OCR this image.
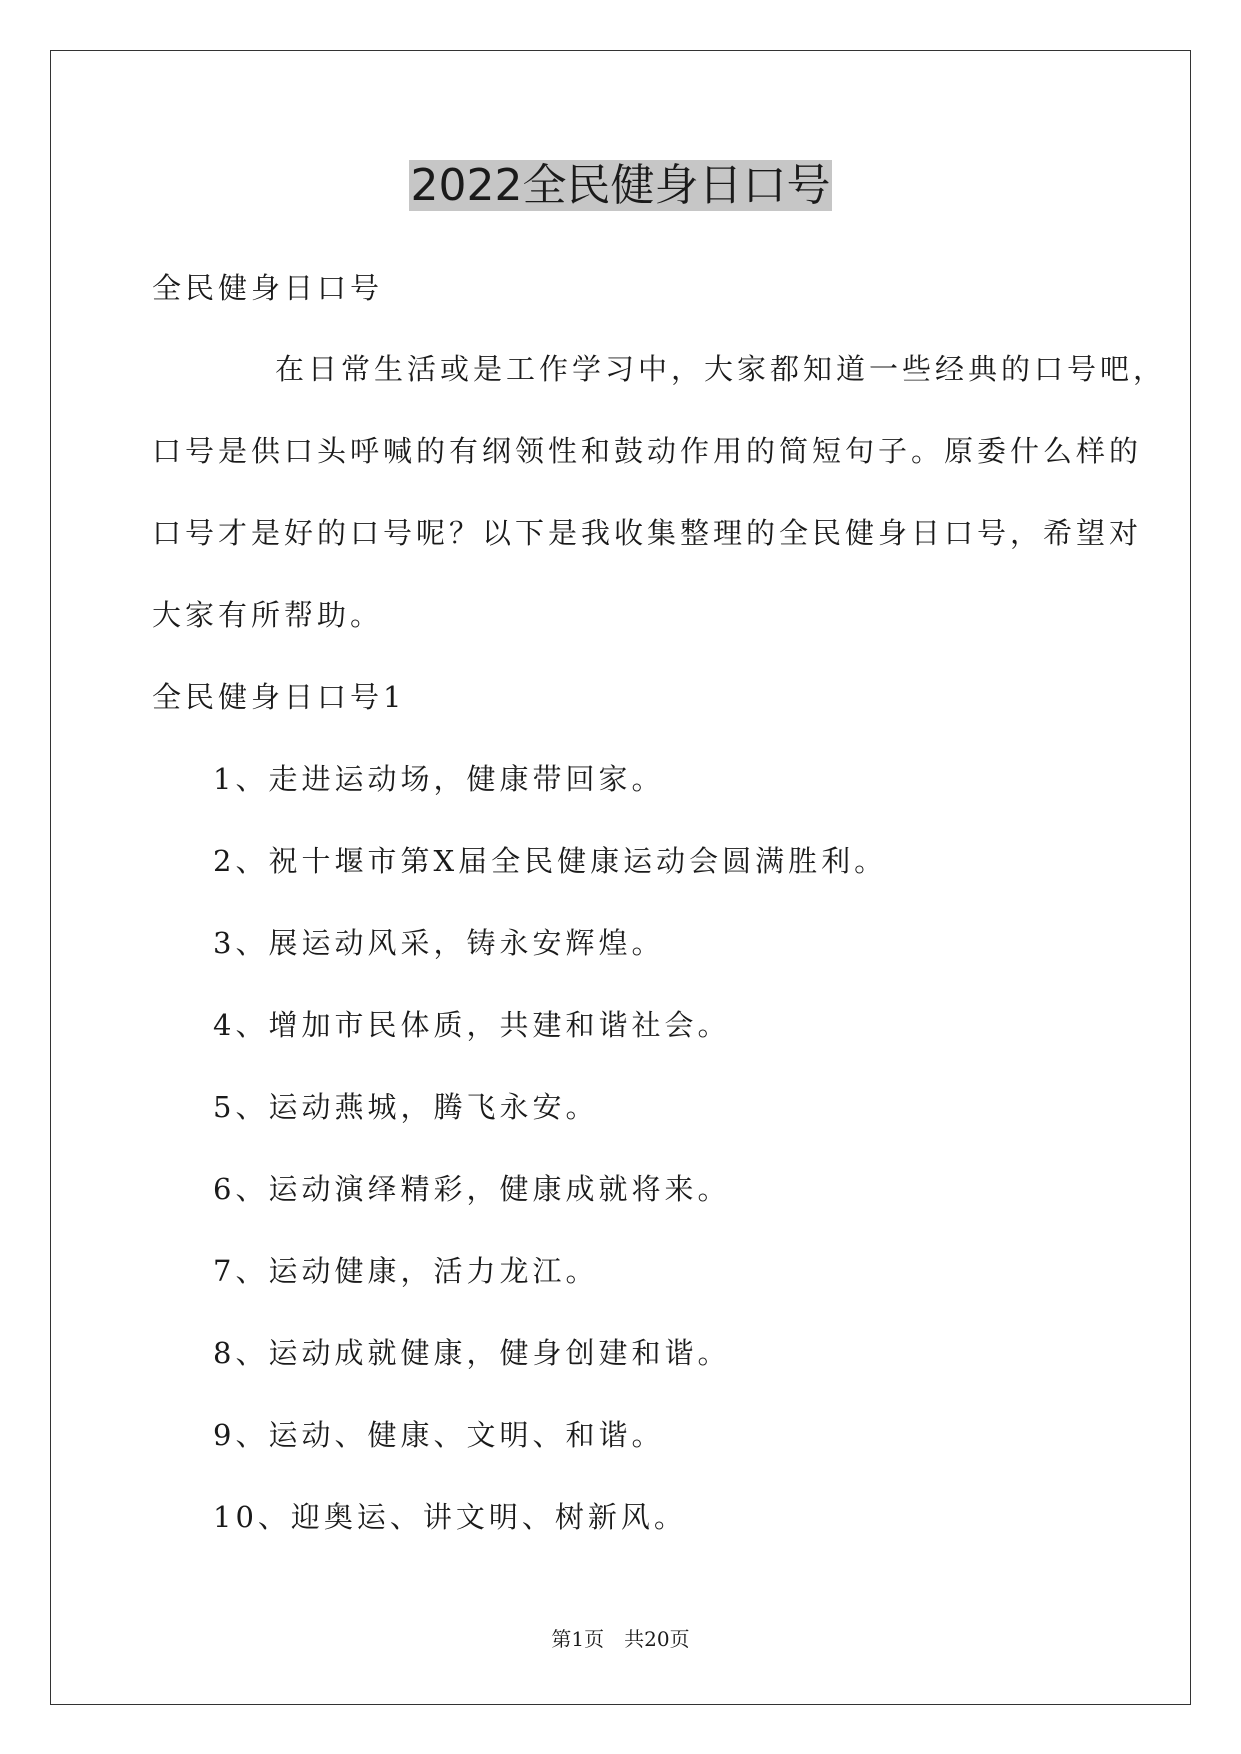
2022全民健身日口号
全民健身日口号
在日常生活或是工作学习中，大家都知道一些经典的口号吧，
口号是供口头呼喊的有纲领性和鼓动作用的简短句子。原委什么样的
口号才是好的口号呢？以下是我收集整理的全民健身日口号，希望对
大家有所帮助。
全民健身日口号1
1、走进运动场，健康带回家。
2、祝十堰市第X届全民健康运动会圆满胜利。
3、展运动风采，铸永安辉煌。
4、增加市民体质，共建和谐社会。
5、运动燕城，腾飞永安。
6、运动演绎精彩，健康成就将来。
7、运动健康，活力龙江。
8、运动成就健康，健身创建和谐。
9、运动、健康、文明、和谐。
10、迎奥运、讲文明、树新风。
第1页　共20页
